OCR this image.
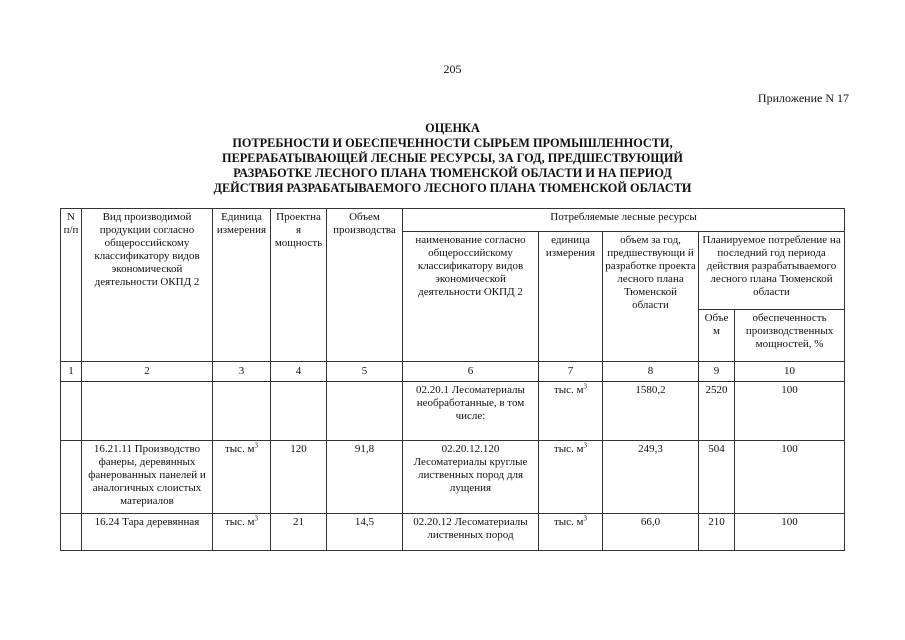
205
Приложение N 17
ОЦЕНКА
ПОТРЕБНОСТИ И ОБЕСПЕЧЕННОСТИ СЫРЬЕМ ПРОМЫШЛЕННОСТИ,
ПЕРЕРАБАТЫВАЮЩЕЙ ЛЕСНЫЕ РЕСУРСЫ, ЗА ГОД, ПРЕДШЕСТВУЮЩИЙ
РАЗРАБОТКЕ ЛЕСНОГО ПЛАНА ТЮМЕНСКОЙ ОБЛАСТИ И НА ПЕРИОД
ДЕЙСТВИЯ РАЗРАБАТЫВАЕМОГО ЛЕСНОГО ПЛАНА ТЮМЕНСКОЙ ОБЛАСТИ
N п/п	Вид производимой продукции согласно общероссийскому классификатору видов экономической деятельности ОКПД 2	Единица измерения	Проектна я мощность	Объем производства	Потребляемые лесные ресурсы				
					наименование согласно общероссийскому классификатору видов экономической деятельности ОКПД 2	единица измерения	объем за год, предшествующи й разработке проекта лесного плана Тюменской области	Планируемое потребление на последний год периода действия разрабатываемого лесного плана Тюменской области	
								Объе м	обеспеченность производственных мощностей, %
1	2	3	4	5	6	7	8	9	10
					02.20.1 Лесоматериалы необработанные, в том числе:	тыс. $м^3$	1580,2	2520	100
	16.21.11 Производство фанеры, деревянных фанерованных панелей и аналогичных слоистых материалов	тыс. $м^3$	120	91,8	02.20.12.120 Лесоматериалы круглые лиственных пород для лущения	тыс. $м^3$	249,3	504	100
	16.24 Тара деревянная	тыс. $м^3$	21	14,5	02.20.12 Лесоматериалы лиственных пород	тыс. $м^3$	66,0	210	100
